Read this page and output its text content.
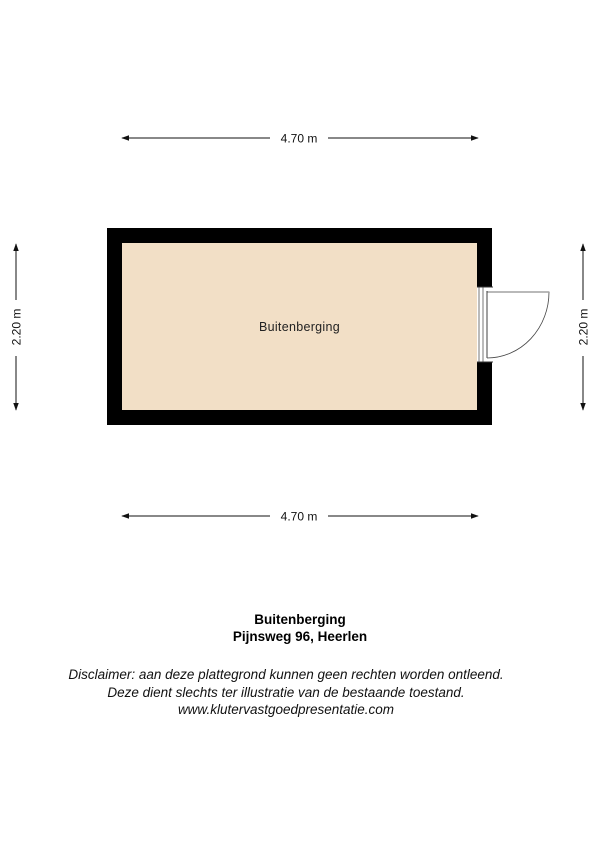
4.70 m
4.70 m
2.20 m	2.20 m
Buitenberging
Buitenberging
Pijnsweg 96, Heerlen
Disclaimer: aan deze plattegrond kunnen geen rechten worden ontleend.
Deze dient slechts ter illustratie van de bestaande toestand.
www.klutervastgoedpresentatie.com
